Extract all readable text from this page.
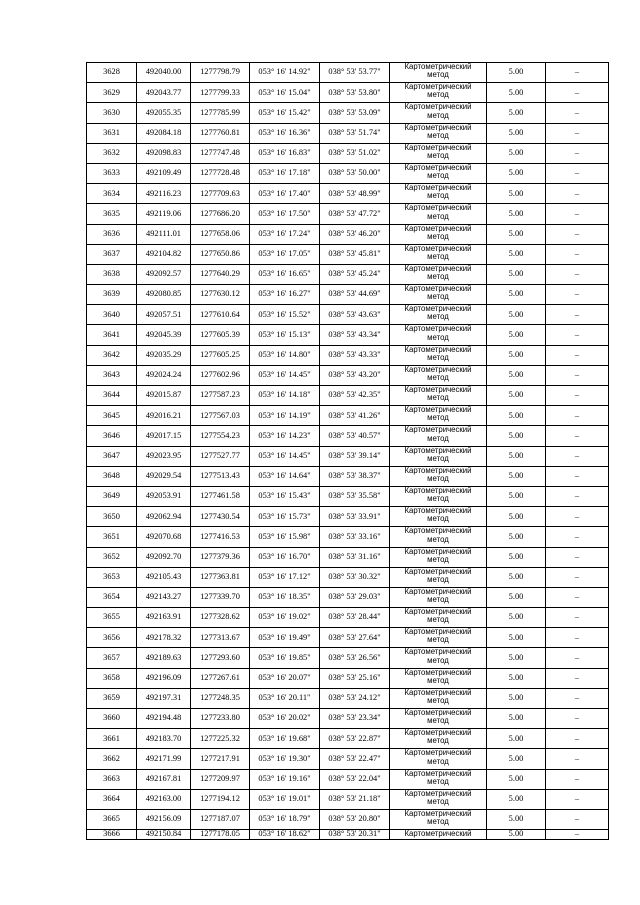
3628	492040.00	1277798.79	053° 16' 14.92"	038° 53' 53.77"	Картометрический
метод	5.00	–
3629	492043.77	1277799.33	053° 16' 15.04"	038° 53' 53.80"	Картометрический
метод	5.00	–
3630	492055.35	1277785.99	053° 16' 15.42"	038° 53' 53.09"	Картометрический
метод	5.00	–
3631	492084.18	1277760.81	053° 16' 16.36"	038° 53' 51.74"	Картометрический
метод	5.00	–
3632	492098.83	1277747.48	053° 16' 16.83"	038° 53' 51.02"	Картометрический
метод	5.00	–
3633	492109.49	1277728.48	053° 16' 17.18"	038° 53' 50.00"	Картометрический
метод	5.00	–
3634	492116.23	1277709.63	053° 16' 17.40"	038° 53' 48.99"	Картометрический
метод	5.00	–
3635	492119.06	1277686.20	053° 16' 17.50"	038° 53' 47.72"	Картометрический
метод	5.00	–
3636	492111.01	1277658.06	053° 16' 17.24"	038° 53' 46.20"	Картометрический
метод	5.00	–
3637	492104.82	1277650.86	053° 16' 17.05"	038° 53' 45.81"	Картометрический
метод	5.00	–
3638	492092.57	1277640.29	053° 16' 16.65"	038° 53' 45.24"	Картометрический
метод	5.00	–
3639	492080.85	1277630.12	053° 16' 16.27"	038° 53' 44.69"	Картометрический
метод	5.00	–
3640	492057.51	1277610.64	053° 16' 15.52"	038° 53' 43.63"	Картометрический
метод	5.00	–
3641	492045.39	1277605.39	053° 16' 15.13"	038° 53' 43.34"	Картометрический
метод	5.00	–
3642	492035.29	1277605.25	053° 16' 14.80"	038° 53' 43.33"	Картометрический
метод	5.00	–
3643	492024.24	1277602.96	053° 16' 14.45"	038° 53' 43.20"	Картометрический
метод	5.00	–
3644	492015.87	1277587.23	053° 16' 14.18"	038° 53' 42.35"	Картометрический
метод	5.00	–
3645	492016.21	1277567.03	053° 16' 14.19"	038° 53' 41.26"	Картометрический
метод	5.00	–
3646	492017.15	1277554.23	053° 16' 14.23"	038° 53' 40.57"	Картометрический
метод	5.00	–
3647	492023.95	1277527.77	053° 16' 14.45"	038° 53' 39.14"	Картометрический
метод	5.00	–
3648	492029.54	1277513.43	053° 16' 14.64"	038° 53' 38.37"	Картометрический
метод	5.00	–
3649	492053.91	1277461.58	053° 16' 15.43"	038° 53' 35.58"	Картометрический
метод	5.00	–
3650	492062.94	1277430.54	053° 16' 15.73"	038° 53' 33.91"	Картометрический
метод	5.00	–
3651	492070.68	1277416.53	053° 16' 15.98"	038° 53' 33.16"	Картометрический
метод	5.00	–
3652	492092.70	1277379.36	053° 16' 16.70"	038° 53' 31.16"	Картометрический
метод	5.00	–
3653	492105.43	1277363.81	053° 16' 17.12"	038° 53' 30.32"	Картометрический
метод	5.00	–
3654	492143.27	1277339.70	053° 16' 18.35"	038° 53' 29.03"	Картометрический
метод	5.00	–
3655	492163.91	1277328.62	053° 16' 19.02"	038° 53' 28.44"	Картометрический
метод	5.00	–
3656	492178.32	1277313.67	053° 16' 19.49"	038° 53' 27.64"	Картометрический
метод	5.00	–
3657	492189.63	1277293.60	053° 16' 19.85"	038° 53' 26.56"	Картометрический
метод	5.00	–
3658	492196.09	1277267.61	053° 16' 20.07"	038° 53' 25.16"	Картометрический
метод	5.00	–
3659	492197.31	1277248.35	053° 16' 20.11"	038° 53' 24.12"	Картометрический
метод	5.00	–
3660	492194.48	1277233.80	053° 16' 20.02"	038° 53' 23.34"	Картометрический
метод	5.00	–
3661	492183.70	1277225.32	053° 16' 19.68"	038° 53' 22.87"	Картометрический
метод	5.00	–
3662	492171.99	1277217.91	053° 16' 19.30"	038° 53' 22.47"	Картометрический
метод	5.00	–
3663	492167.81	1277209.97	053° 16' 19.16"	038° 53' 22.04"	Картометрический
метод	5.00	–
3664	492163.00	1277194.12	053° 16' 19.01"	038° 53' 21.18"	Картометрический
метод	5.00	–
3665	492156.09	1277187.07	053° 16' 18.79"	038° 53' 20.80"	Картометрический
метод	5.00	–
3666	492150.84	1277178.05	053° 16' 18.62"	038° 53' 20.31"	Картометрический	5.00	–
